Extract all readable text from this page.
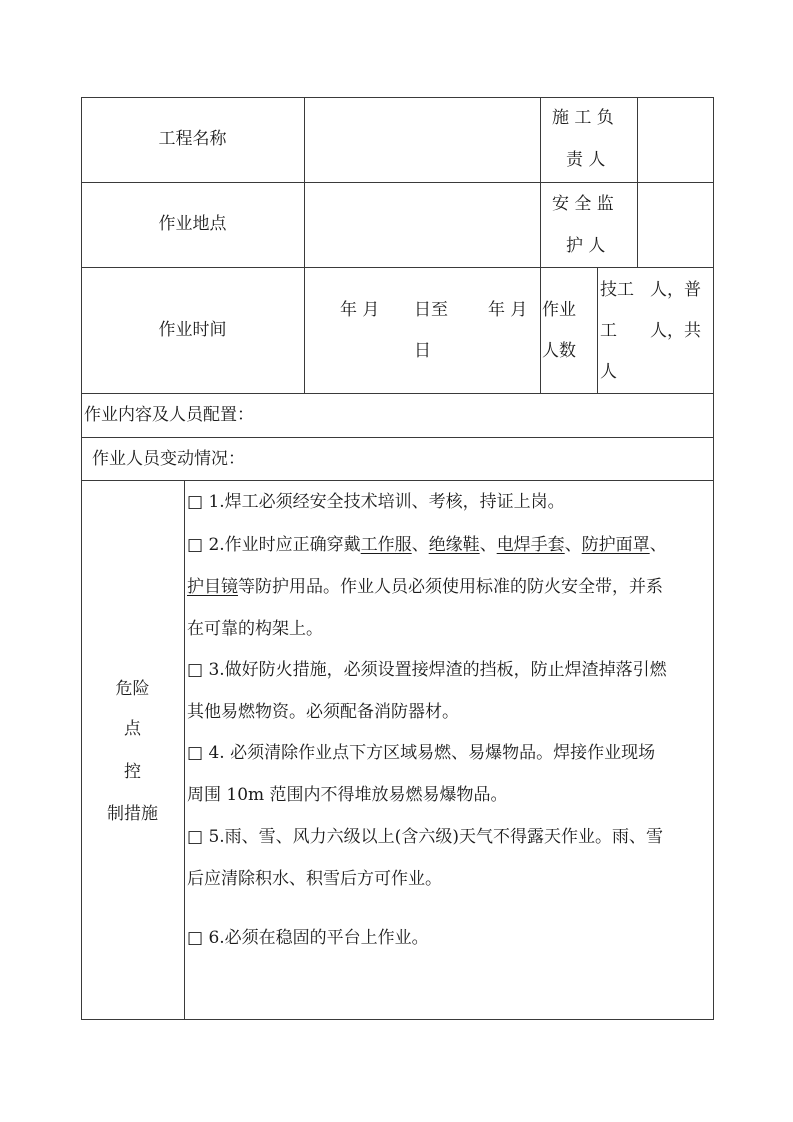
工程名称
施 工 负
责 人
作业地点
安 全 监
护 人
作业时间
年 月 日至 年 月
日
作业
人数
技工 人，普
工 人，共
人
作业内容及人员配置：
作业人员变动情况：
危险
点
控
制措施
□ 1.焊工必须经安全技术培训、考核，持证上岗。
□ 2.作业时应正确穿戴工作服、绝缘鞋、电焊手套、防护面罩、
护目镜等防护用品。作业人员必须使用标准的防火安全带，并系
在可靠的构架上。
□ 3.做好防火措施，必须设置接焊渣的挡板，防止焊渣掉落引燃
其他易燃物资。必须配备消防器材。
□ 4. 必须清除作业点下方区域易燃、易爆物品。焊接作业现场
周围 10m 范围内不得堆放易燃易爆物品。
□ 5.雨、雪、风力六级以上(含六级)天气不得露天作业。雨、雪
后应清除积水、积雪后方可作业。
□ 6.必须在稳固的平台上作业。
